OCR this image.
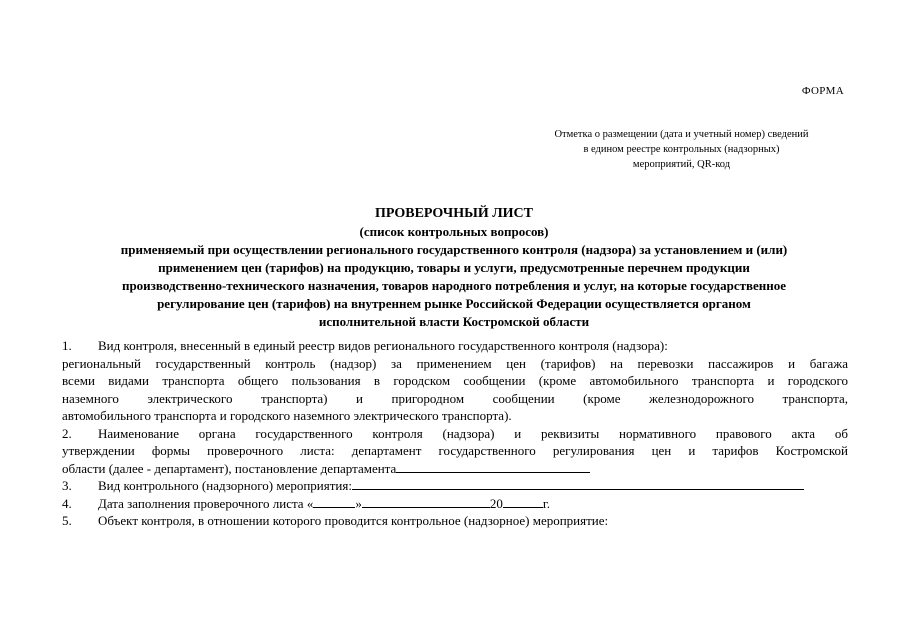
ФОРМА
Отметка о размещении (дата и учетный номер) сведений
в едином реестре контрольных (надзорных)
мероприятий, QR-код
ПРОВЕРОЧНЫЙ ЛИСТ
(список контрольных вопросов)
применяемый при осуществлении регионального государственного контроля (надзора) за установлением и (или)
применением цен (тарифов) на продукцию, товары и услуги, предусмотренные перечнем продукции
производственно-технического назначения, товаров народного потребления и услуг, на которые государственное
регулирование цен (тарифов) на внутреннем рынке Российской Федерации осуществляется органом
исполнительной власти Костромской области
1. Вид контроля, внесенный в единый реестр видов регионального государственного контроля (надзора):
региональный государственный контроль (надзор) за применением цен (тарифов) на перевозки пассажиров и багажа
всеми видами транспорта общего пользования в городском сообщении (кроме автомобильного транспорта и городского
наземного электрического транспорта) и пригородном сообщении (кроме железнодорожного транспорта,
автомобильного транспорта и городского наземного электрического транспорта).
2. Наименование органа государственного контроля (надзора) и реквизиты нормативного правового акта об
утверждении формы проверочного листа: департамент государственного регулирования цен и тарифов Костромской
области (далее - департамент), постановление департамента
3. Вид контрольного (надзорного) мероприятия:
4. Дата заполнения проверочного листа «	»	20	г.
5. Объект контроля, в отношении которого проводится контрольное (надзорное) мероприятие:
